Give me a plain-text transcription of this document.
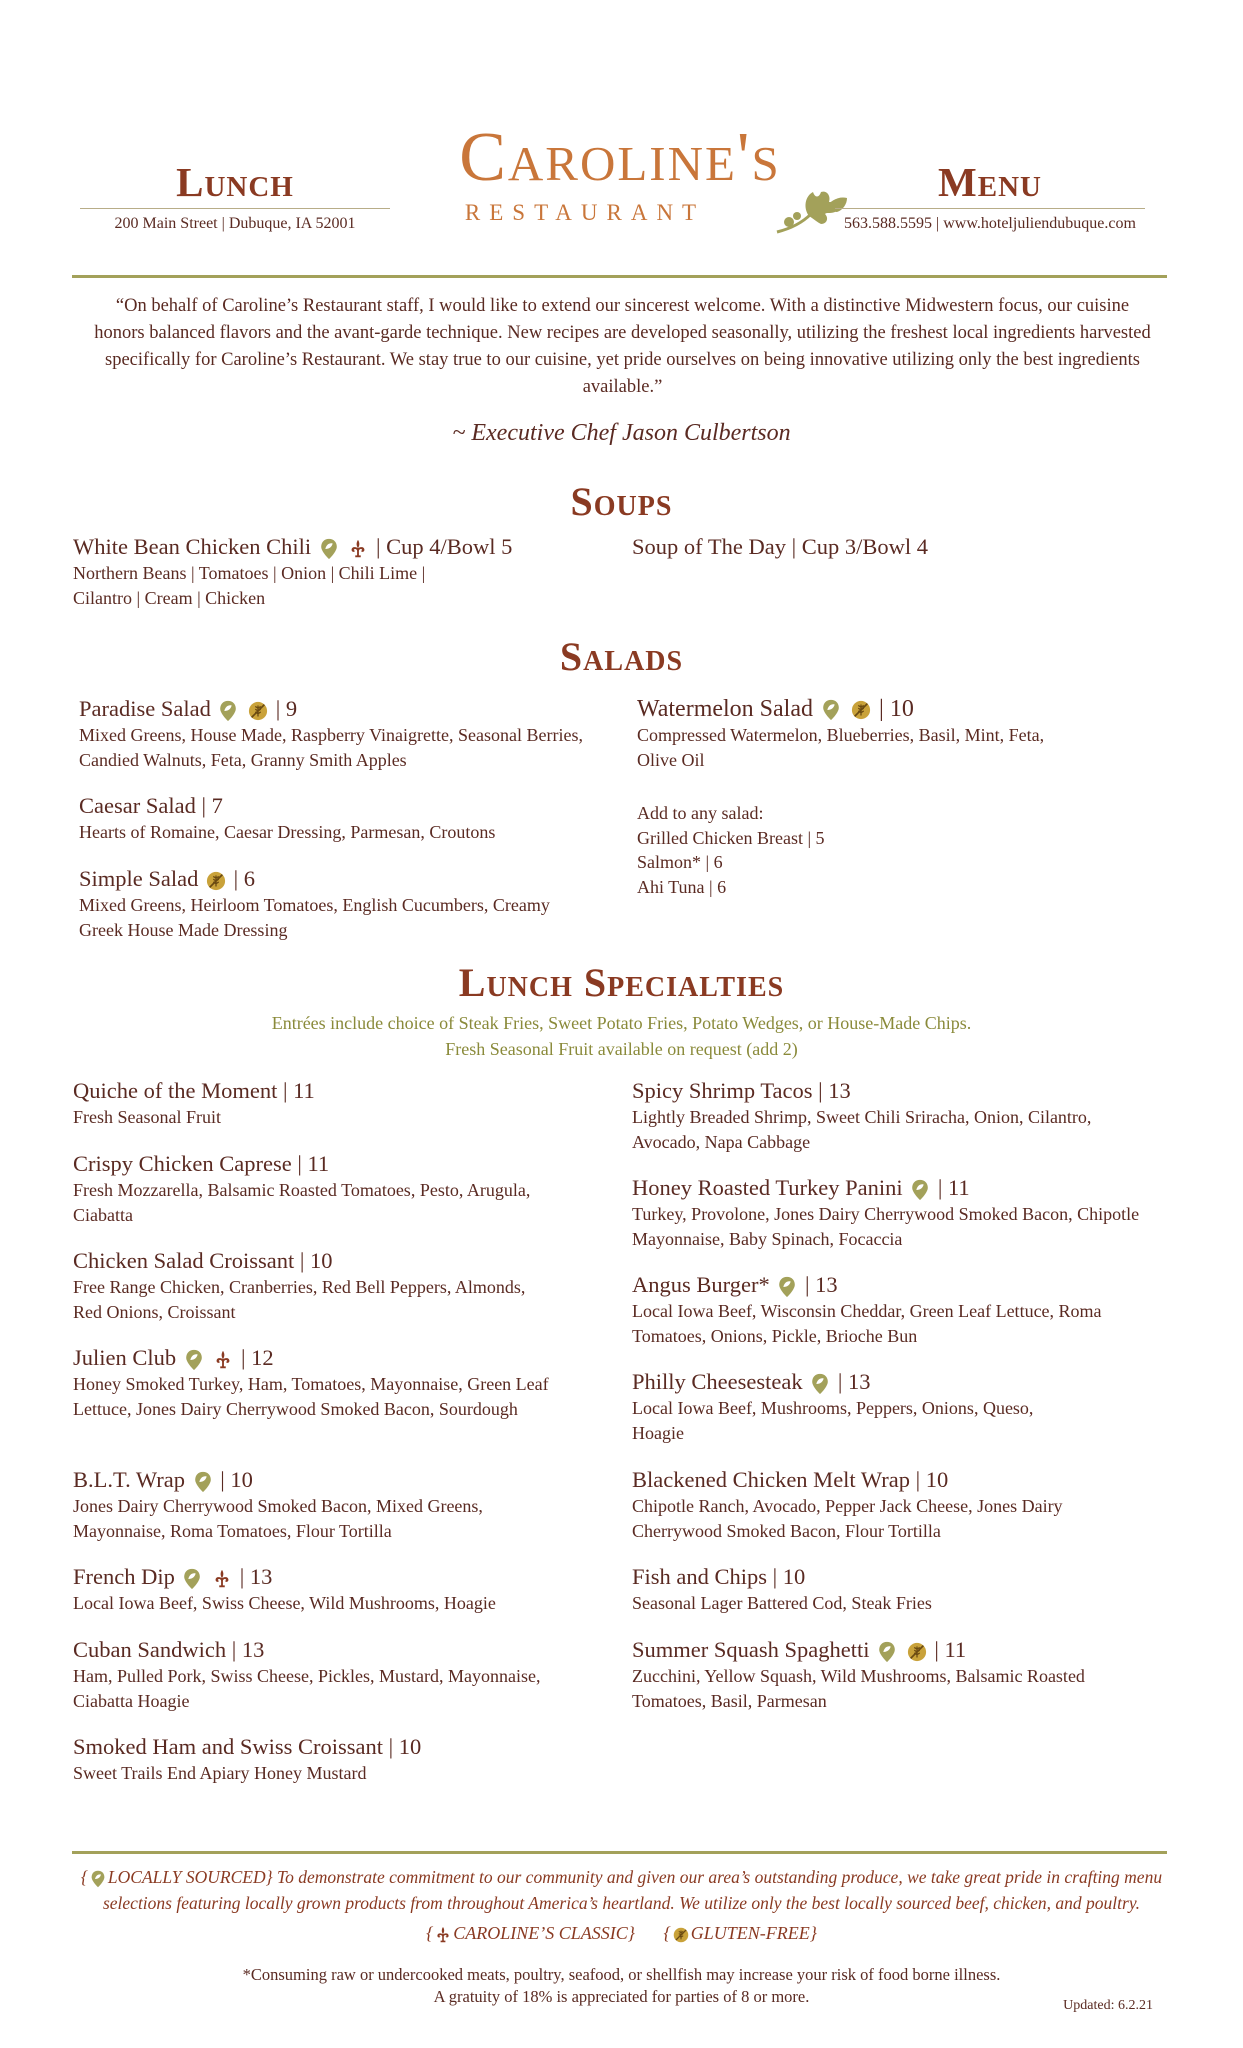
Lunch
200 Main Street | Dubuque, IA 52001
Caroline's
RESTAURANT
Menu
563.588.5595 | www.hoteljuliendubuque.com
“On behalf of Caroline’s Restaurant staff, I would like to extend our sincerest welcome. With a distinctive Midwestern focus, our cuisine honors balanced flavors and the avant-garde technique. New recipes are developed seasonally, utilizing the freshest local ingredients harvested specifically for Caroline’s Restaurant. We stay true to our cuisine, yet pride ourselves on being innovative utilizing only the best ingredients available.”
~ Executive Chef Jason Culbertson
Soups
White Bean Chicken Chili
	| Cup 4/Bowl 5
Northern Beans | Tomatoes | Onion | Chili Lime | Cilantro | Cream | Chicken
Soup of The Day | Cup 3/Bowl 4
Salads
Paradise Salad
	| 9
Mixed Greens, House Made, Raspberry Vinaigrette, Seasonal Berries, Candied Walnuts, Feta, Granny Smith Apples
Caesar Salad | 7
Hearts of Romaine, Caesar Dressing, Parmesan, Croutons
Simple Salad | 6
Mixed Greens, Heirloom Tomatoes, English Cucumbers, Creamy Greek House Made Dressing
Watermelon Salad
	| 10
Compressed Watermelon, Blueberries, Basil, Mint, Feta, Olive Oil
Add to any salad:
Grilled Chicken Breast | 5
Salmon* | 6
Ahi Tuna | 6
Lunch Specialties
Entrées include choice of Steak Fries, Sweet Potato Fries, Potato Wedges, or House-Made Chips.
Fresh Seasonal Fruit available on request (add 2)
Quiche of the Moment | 11
Fresh Seasonal Fruit
Crispy Chicken Caprese | 11
Fresh Mozzarella, Balsamic Roasted Tomatoes, Pesto, Arugula, Ciabatta
Chicken Salad Croissant | 10
Free Range Chicken, Cranberries, Red Bell Peppers, Almonds, Red Onions, Croissant
Julien Club
	| 12
Honey Smoked Turkey, Ham, Tomatoes, Mayonnaise, Green Leaf Lettuce, Jones Dairy Cherrywood Smoked Bacon, Sourdough
B.L.T. Wrap | 10
Jones Dairy Cherrywood Smoked Bacon, Mixed Greens, Mayonnaise, Roma Tomatoes, Flour Tortilla
French Dip
	| 13
Local Iowa Beef, Swiss Cheese, Wild Mushrooms, Hoagie
Cuban Sandwich | 13
Ham, Pulled Pork, Swiss Cheese, Pickles, Mustard, Mayonnaise, Ciabatta Hoagie
Smoked Ham and Swiss Croissant | 10
Sweet Trails End Apiary Honey Mustard
Spicy Shrimp Tacos | 13
Lightly Breaded Shrimp, Sweet Chili Sriracha, Onion, Cilantro, Avocado, Napa Cabbage
Honey Roasted Turkey Panini | 11
Turkey, Provolone, Jones Dairy Cherrywood Smoked Bacon, Chipotle Mayonnaise, Baby Spinach, Focaccia
Angus Burger* | 13
Local Iowa Beef, Wisconsin Cheddar, Green Leaf Lettuce, Roma Tomatoes, Onions, Pickle, Brioche Bun
Philly Cheesesteak | 13
Local Iowa Beef, Mushrooms, Peppers, Onions, Queso, Hoagie
Blackened Chicken Melt Wrap | 10
Chipotle Ranch, Avocado, Pepper Jack Cheese, Jones Dairy Cherrywood Smoked Bacon, Flour Tortilla
Fish and Chips | 10
Seasonal Lager Battered Cod, Steak Fries
Summer Squash Spaghetti
	| 11
Zucchini, Yellow Squash, Wild Mushrooms, Balsamic Roasted Tomatoes, Basil, Parmesan
{ LOCALLY SOURCED} To demonstrate commitment to our community and given our area’s outstanding produce, we take great pride in crafting menu selections featuring locally grown products from throughout America’s heartland. We utilize only the best locally sourced beef, chicken, and poultry.
{ CAROLINE’S CLASSIC} { GLUTEN-FREE}
*Consuming raw or undercooked meats, poultry, seafood, or shellfish may increase your risk of food borne illness.
A gratuity of 18% is appreciated for parties of 8 or more.	Updated: 6.2.21
